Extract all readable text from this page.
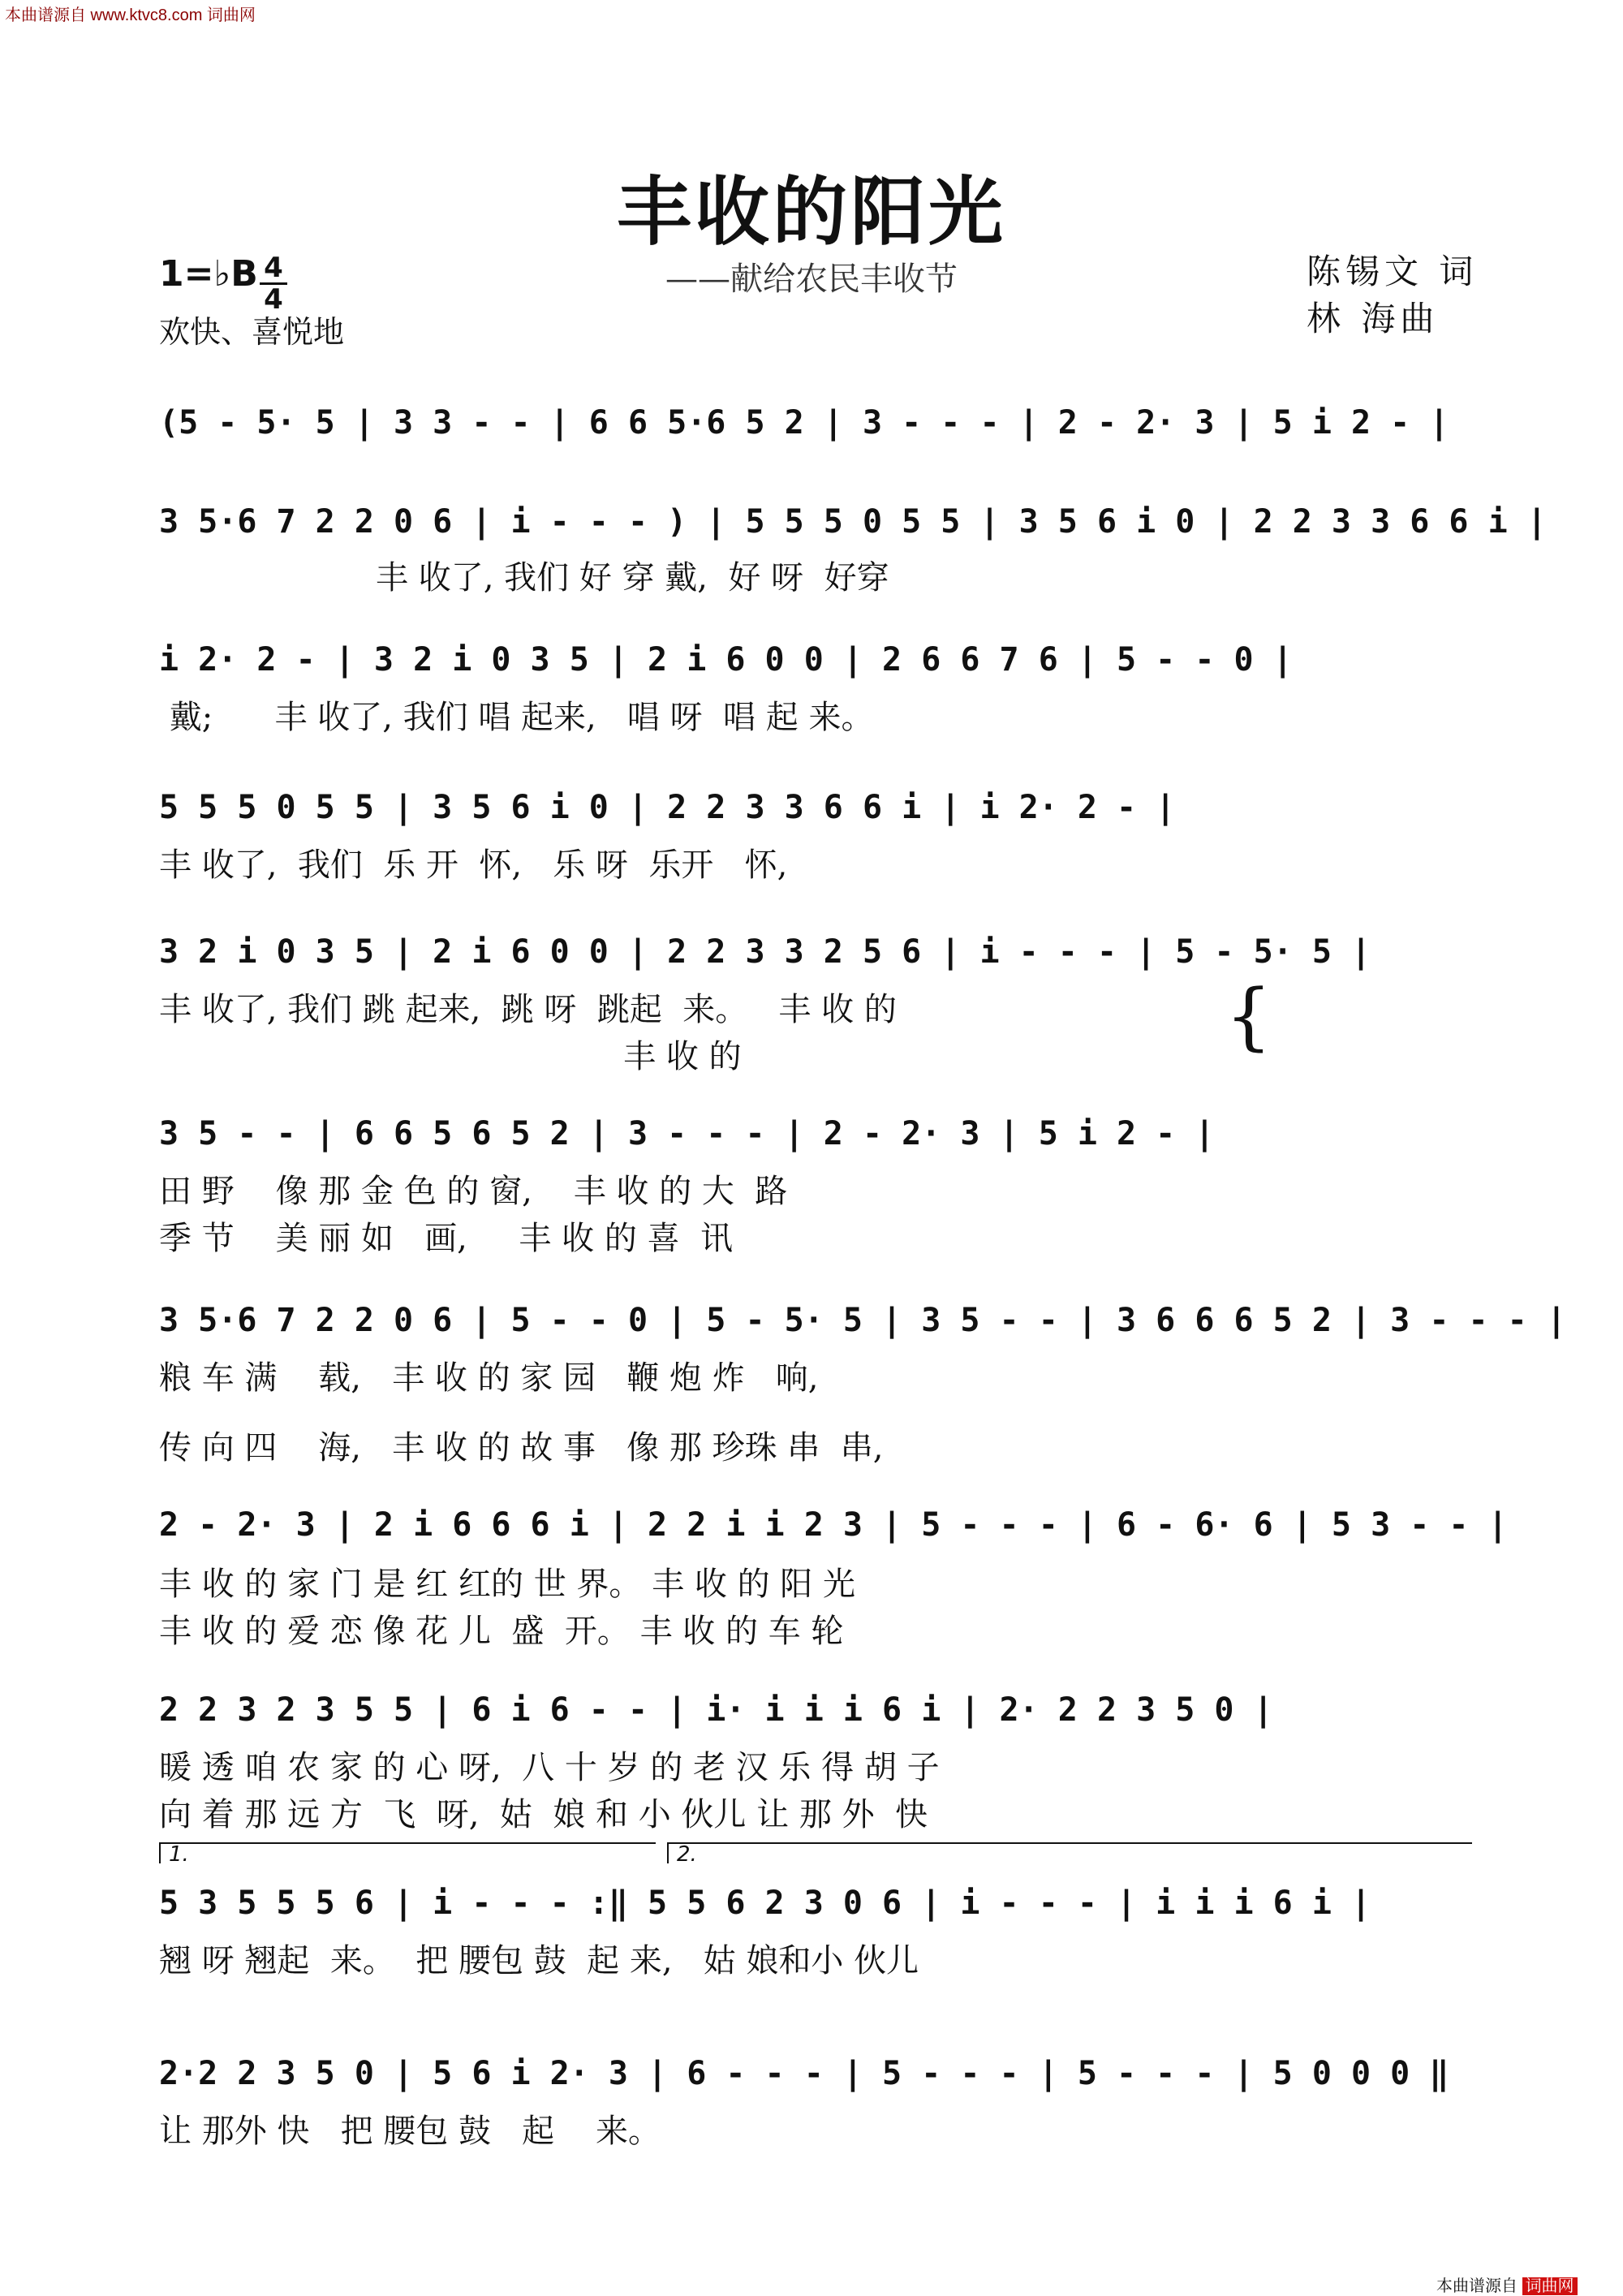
本曲谱源自 www.ktvc8.com 词曲网
丰收的阳光
——献给农民丰收节
1=♭B 4
4
欢快、喜悦地
陈锡文 词
林 海曲
(5 - 5· 5 | 3 3 - - | 6 6 5·6 5 2 | 3 - - - | 2 - 2· 3 | 5 i 2 - |
3 5·6 7 2 2 0 6 | i - - - ) | 5 5 5 0 5 5 | 3 5 6 i 0 | 2 2 3 3 6 6 i |
丰 收了, 我们 好 穿 戴,  好 呀  好穿
i 2· 2 - | 3 2 i 0 3 5 | 2 i 6 0 0 | 2 6 6 7 6 | 5 - - 0 |
戴;      丰 收了, 我们 唱 起来,   唱 呀  唱 起 来。
5 5 5 0 5 5 | 3 5 6 i 0 | 2 2 3 3 6 6 i | i 2· 2 - |
丰 收了,  我们  乐 开  怀,   乐 呀  乐开   怀,
3 2 i 0 3 5 | 2 i 6 0 0 | 2 2 3 3 2 5 6 | i - - - | 5 - 5· 5 |
丰 收了, 我们 跳 起来,  跳 呀  跳起  来。   丰 收 的
丰 收 的	{
3 5 - - | 6 6 5 6 5 2 | 3 - - - | 2 - 2· 3 | 5 i 2 - |
田 野    像 那 金 色 的 窗,    丰 收 的 大  路
季 节    美 丽 如   画,     丰 收 的 喜  讯
3 5·6 7 2 2 0 6 | 5 - - 0 | 5 - 5· 5 | 3 5 - - | 3 6 6 6 5 2 | 3 - - - |
粮 车 满    载,   丰 收 的 家 园   鞭 炮 炸   响,
传 向 四    海,   丰 收 的 故 事   像 那 珍珠 串  串,
2 - 2· 3 | 2 i 6 6 6 i | 2 2 i i 2 3 | 5 - - - | 6 - 6· 6 | 5 3 - - |
丰 收 的 家 门 是 红 红的 世 界。 丰 收 的 阳 光
丰 收 的 爱 恋 像 花 儿  盛  开。 丰 收 的 车 轮
2 2 3 2 3 5 5 | 6 i 6 - - | i· i i i 6 i | 2· 2 2 3 5 0 |
暖 透 咱 农 家 的 心 呀,  八 十 岁 的 老 汉 乐 得 胡 子
向 着 那 远 方  飞  呀,  姑  娘 和 小 伙儿 让 那 外  快
1.	2.
5 3 5 5 5 6 | i - - - :‖ 5 5 6 2 3 0 6 | i - - - | i i i 6 i |
翘 呀 翘起  来。  把 腰包 鼓  起 来,   姑 娘和小 伙儿
2·2 2 3 5 0 | 5 6 i 2· 3 | 6 - - - | 5 - - - | 5 - - - | 5 0 0 0 ‖
让 那外 快   把 腰包 鼓   起    来。
本曲谱源自 词曲网
